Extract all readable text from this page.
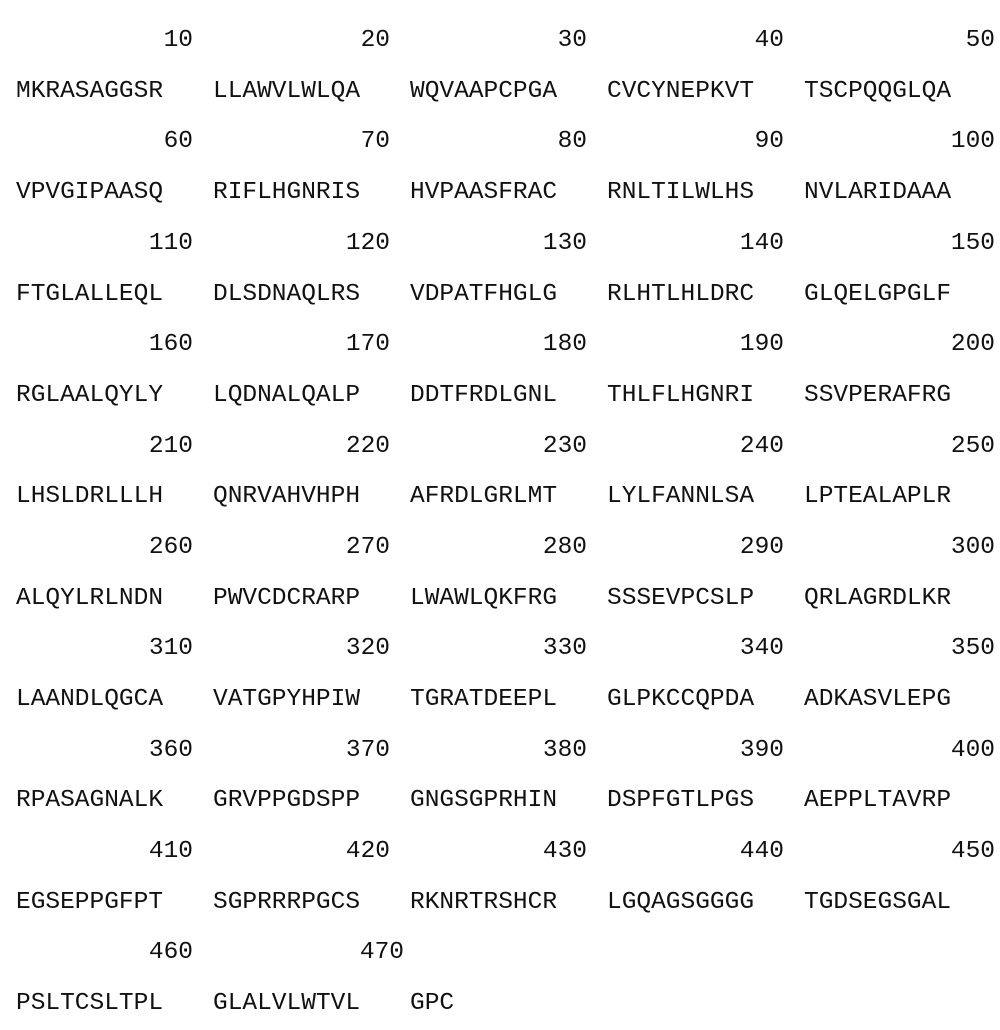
10	20	30	40	50
MKRASAGGSR	LLAWVLWLQA	WQVAAPCPGA	CVCYNEPKVT	TSCPQQGLQA
60	70	80	90	100
VPVGIPAASQ	RIFLHGNRIS	HVPAASFRAC	RNLTILWLHS	NVLARIDAAA
110	120	130	140	150
FTGLALLEQL	DLSDNAQLRS	VDPATFHGLG	RLHTLHLDRC	GLQELGPGLF
160	170	180	190	200
RGLAALQYLY	LQDNALQALP	DDTFRDLGNL	THLFLHGNRI	SSVPERAFRG
210	220	230	240	250
LHSLDRLLLH	QNRVAHVHPH	AFRDLGRLMT	LYLFANNLSA	LPTEALAPLR
260	270	280	290	300
ALQYLRLNDN	PWVCDCRARP	LWAWLQKFRG	SSSEVPCSLP	QRLAGRDLKR
310	320	330	340	350
LAANDLQGCA	VATGPYHPIW	TGRATDEEPL	GLPKCCQPDA	ADKASVLEPG
360	370	380	390	400
RPASAGNALK	GRVPPGDSPP	GNGSGPRHIN	DSPFGTLPGS	AEPPLTAVRP
410	420	430	440	450
EGSEPPGFPT	SGPRRRPGCS	RKNRTRSHCR	LGQAGSGGGG	TGDSEGSGAL
460	470
PSLTCSLTPL	GLALVLWTVL	GPC
